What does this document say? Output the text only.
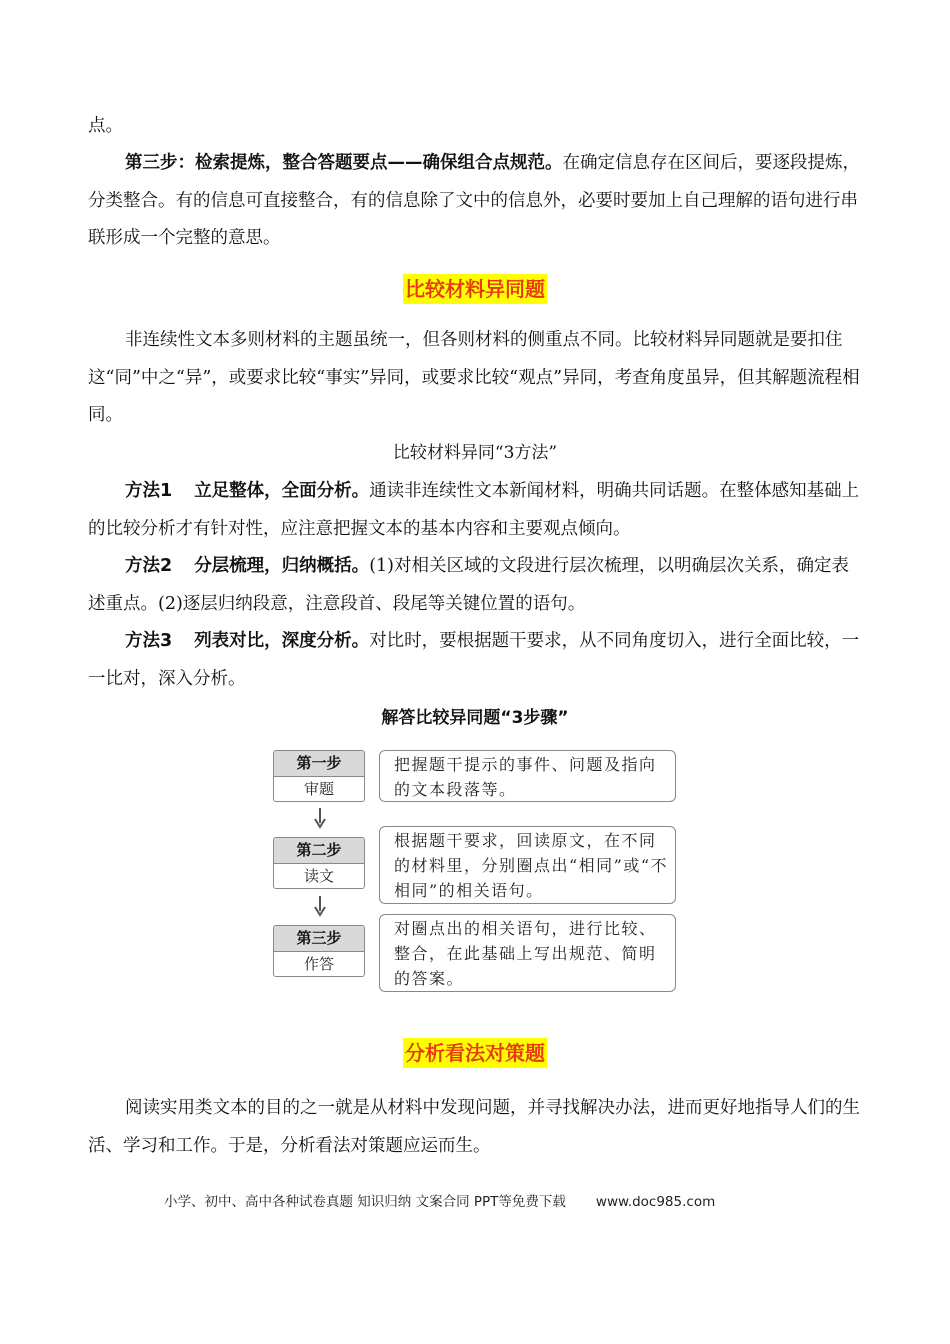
点。

第三步：检索提炼，整合答题要点——确保组合点规范。在确定信息存在区间后，要逐段提炼，分类整合。有的信息可直接整合，有的信息除了文中的信息外，必要时要加上自己理解的语句进行串联形成一个完整的意思。

比较材料异同题

非连续性文本多则材料的主题虽统一，但各则材料的侧重点不同。比较材料异同题就是要扣住这“同”中之“异”，或要求比较“事实”异同，或要求比较“观点”异同，考查角度虽异，但其解题流程相同。

比较材料异同“3方法”

方法1 立足整体，全面分析。通读非连续性文本新闻材料，明确共同话题。在整体感知基础上的比较分析才有针对性，应注意把握文本的基本内容和主要观点倾向。

方法2 分层梳理，归纳概括。(1)对相关区域的文段进行层次梳理，以明确层次关系，确定表述重点。(2)逐层归纳段意，注意段首、段尾等关键位置的语句。

方法3 列表对比，深度分析。对比时，要根据题干要求，从不同角度切入，进行全面比较，一一比对，深入分析。

解答比较异同题“3步骤”
第一步
审题
把握题干提示的事件、问题及指向的文本段落等。
第二步
读文
根据题干要求，回读原文，在不同的材料里，分别圈点出“相同”或“不相同”的相关语句。
第三步
作答
对圈点出的相关语句，进行比较、整合，在此基础上写出规范、简明的答案。
分析看法对策题

阅读实用类文本的目的之一就是从材料中发现问题，并寻找解决办法，进而更好地指导人们的生活、学习和工作。于是，分析看法对策题应运而生。

小学、初中、高中各种试卷真题 知识归纳 文案合同 PPT等免费下载 www.doc985.com
